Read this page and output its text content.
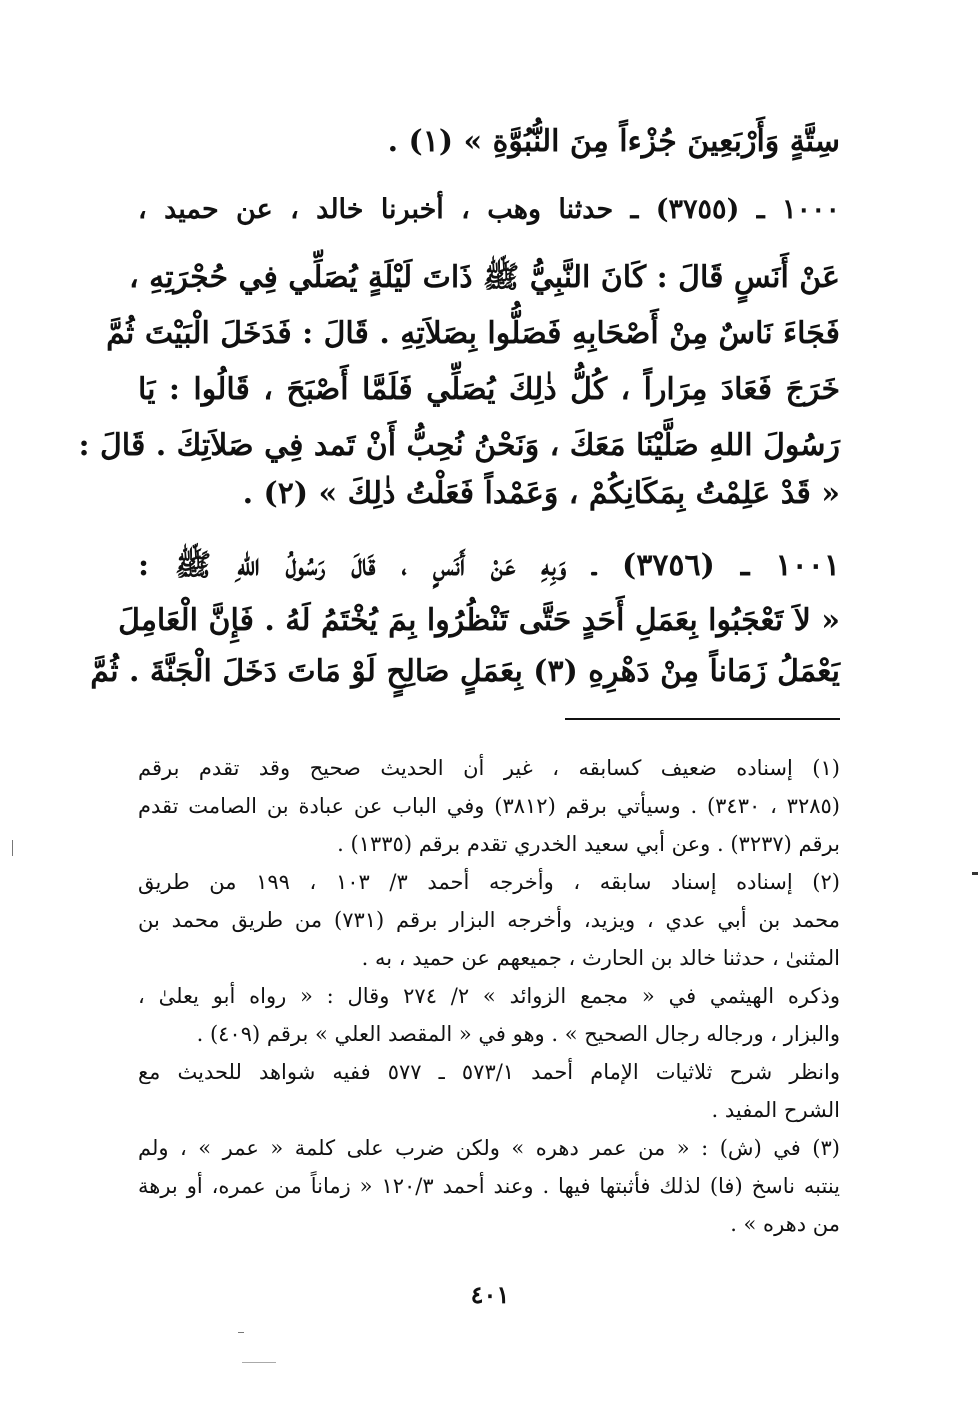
سِتَّةٍ وَأَرْبَعِينَ جُزْءاً مِنَ النُّبُوَّةِ » (١) .
١٠٠٠ ـ (٣٧٥٥) ـ حدثنا وهب ، أخبرنا خالد ، عن حميد ،
عَنْ أَنَسٍ قَالَ : كَانَ النَّبِيُّ ﷺ ذَاتَ لَيْلَةٍ يُصَلِّي فِي حُجْرَتِهِ ،
فَجَاءَ نَاسٌ مِنْ أَصْحَابِهِ فَصَلُّوا بِصَلاَتِهِ . قَالَ : فَدَخَلَ الْبَيْتَ ثُمَّ
خَرَجَ فَعَادَ مِرَاراً ، كُلُّ ذٰلِكَ يُصَلِّي فَلَمَّا أَصْبَحَ ، قَالُوا : يَا
رَسُولَ اللهِ صَلَّيْنَا مَعَكَ ، وَنَحْنُ نُحِبُّ أَنْ تَمد فِي صَلاَتِكَ . قَالَ :
« قَدْ عَلِمْتُ بِمَكَانِكُمْ ، وَعَمْداً فَعَلْتُ ذٰلِكَ » (٢) .
١٠٠١ ـ (٣٧٥٦) ـ وَبِهِ عَنْ أَنَسٍ ، قَالَ رَسُولُ اللهِ ﷺ :
« لاَ تَعْجَبُوا بِعَمَلِ أَحَدٍ حَتَّى تَنْظُرُوا بِمَ يُخْتَمُ لَهُ . فَإِنَّ الْعَامِلَ
يَعْمَلُ زَمَاناً مِنْ دَهْرِهِ (٣) بِعَمَلٍ صَالِحٍ لَوْ مَاتَ دَخَلَ الْجَنَّةَ . ثُمَّ
(١) إسناده ضعيف كسابقه ، غير أن الحديث صحيح وقد تقدم برقم
(٣٢٨٥ ، ٣٤٣٠) . وسيأتي برقم (٣٨١٢) وفي الباب عن عبادة بن الصامت تقدم
برقم (٣٢٣٧) . وعن أبي سعيد الخدري تقدم برقم (١٣٣٥) .
(٢) إسناده إسناد سابقه ، وأخرجه أحمد ٣/ ١٠٣ ، ١٩٩ من طريق
محمد بن أبي عدي ، ويزيد، وأخرجه البزار برقم (٧٣١) من طريق محمد بن
المثنىٰ ، حدثنا خالد بن الحارث ، جميعهم عن حميد ، به .
وذكره الهيثمي في « مجمع الزوائد » ٢/ ٢٧٤ وقال : « رواه أبو يعلىٰ ،
والبزار ، ورجاله رجال الصحيح » . وهو في « المقصد العلي » برقم (٤٠٩) .
وانظر شرح ثلاثيات الإمام أحمد ٥٧٣/١ ـ ٥٧٧ ففيه شواهد للحديث مع
الشرح المفيد .
(٣) في (ش) : « من عمر دهره » ولكن ضرب على كلمة « عمر » ، ولم
ينتبه ناسخ (فا) لذلك فأثبتها فيها . وعند أحمد ١٢٠/٣ « زماناً من عمره، أو برهة
من دهره » .
٤٠١
